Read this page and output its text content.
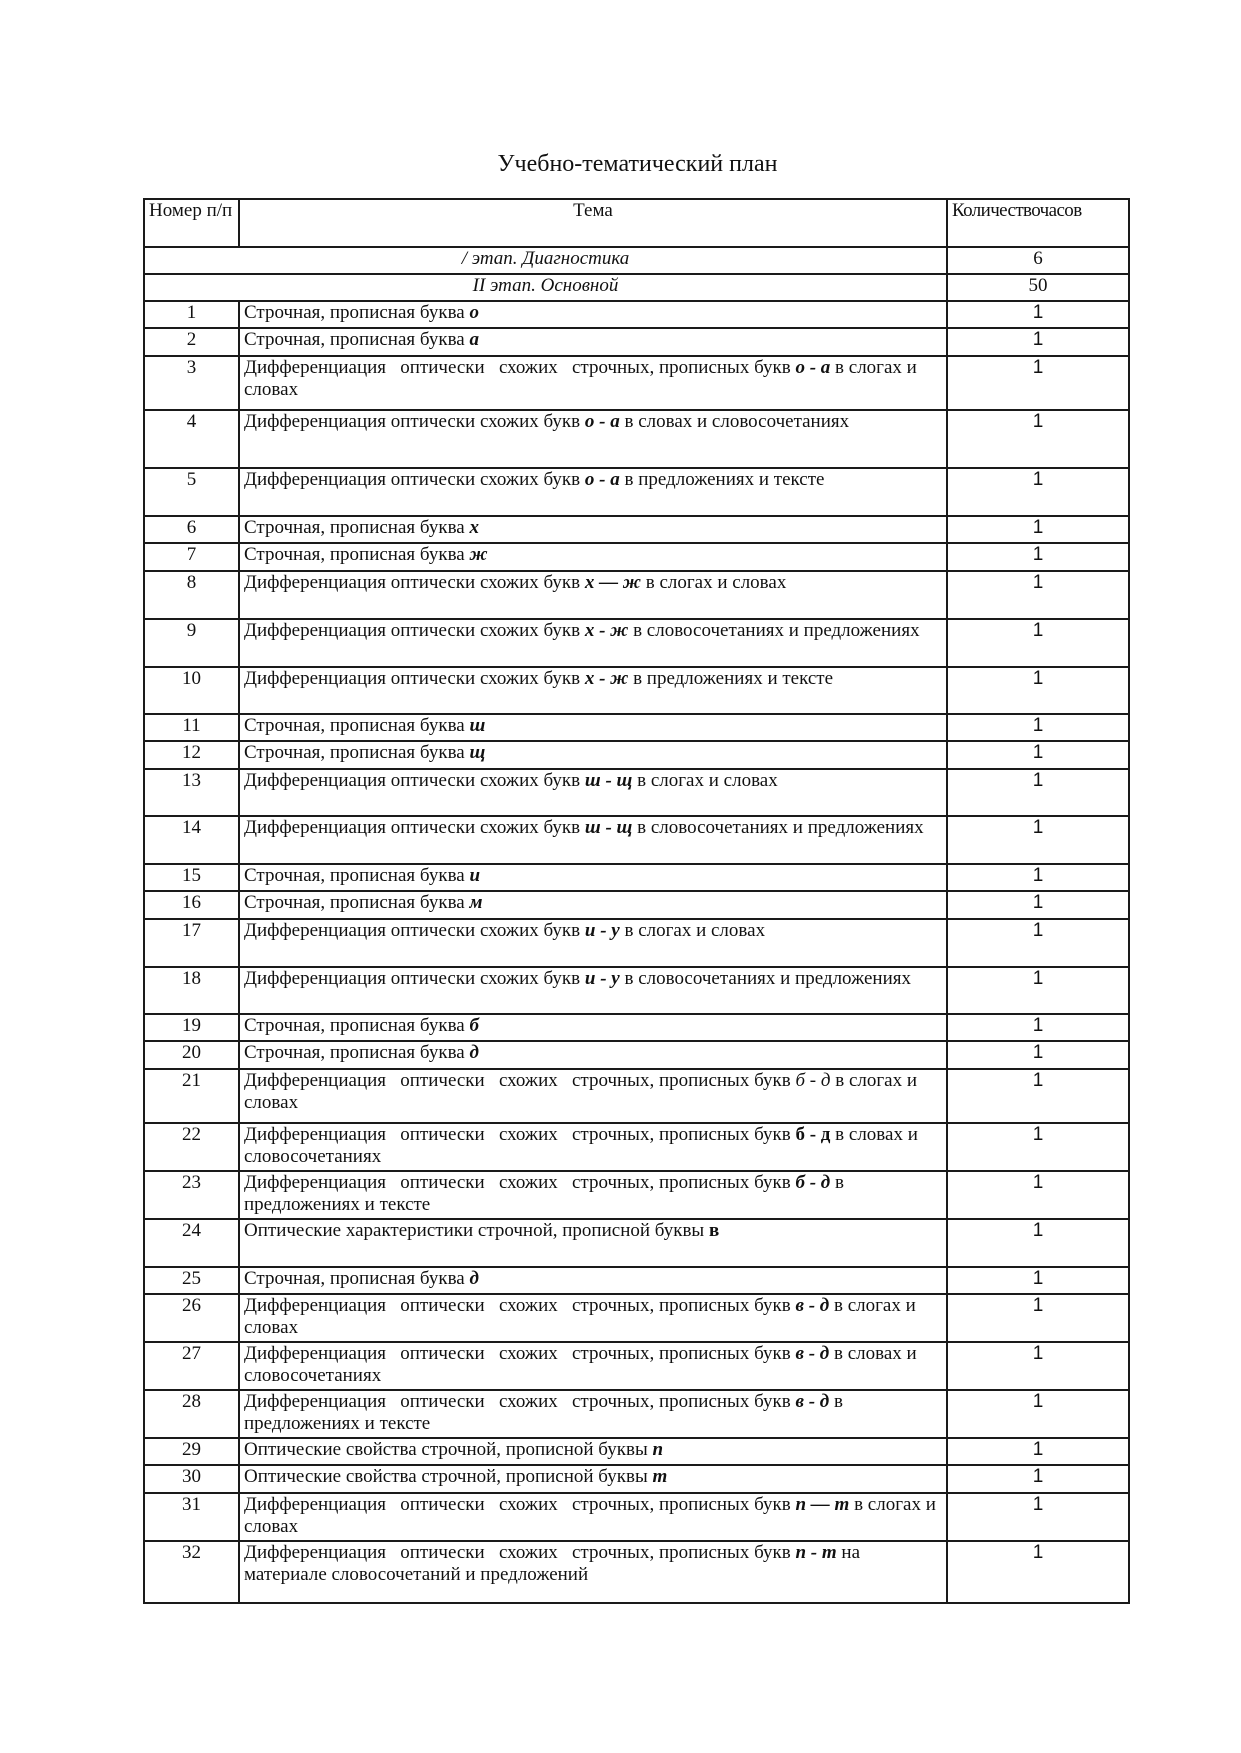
Учебно-тематический план
Номер п/п	Тема	Количествочасов
/ этап. Диагностика		6
II этап. Основной		50
1	Строчная, прописная буква о	1
2	Строчная, прописная буква а	1
3	Дифференциация   оптически   схожих   строчных, прописных букв о - а в слогах и словах	1
4	Дифференциация оптически схожих букв о - а в словах и словосочетаниях	1
5	Дифференциация оптически схожих букв о - а в предложениях и тексте	1
6	Строчная, прописная буква х	1
7	Строчная, прописная буква ж	1
8	Дифференциация оптически схожих букв х — ж в слогах и словах	1
9	Дифференциация оптически схожих букв х - ж в словосочетаниях и предложениях	1
10	Дифференциация оптически схожих букв х - ж в предложениях и тексте	1
11	Строчная, прописная буква ш	1
12	Строчная, прописная буква щ	1
13	Дифференциация оптически схожих букв ш - щ в слогах и словах	1
14	Дифференциация оптически схожих букв ш - щ в словосочетаниях и предложениях	1
15	Строчная, прописная буква и	1
16	Строчная, прописная буква м	1
17	Дифференциация оптически схожих букв и - у в слогах и словах	1
18	Дифференциация оптически схожих букв и - у в словосочетаниях и предложениях	1
19	Строчная, прописная буква б	1
20	Строчная, прописная буква д	1
21	Дифференциация   оптически   схожих   строчных, прописных букв б - д в слогах и словах	1
22	Дифференциация   оптически   схожих   строчных, прописных букв б - д в словах и словосочетаниях	1
23	Дифференциация   оптически   схожих   строчных, прописных букв б - д в предложениях и тексте	1
24	Оптические характеристики строчной, прописной буквы в	1
25	Строчная, прописная буква д	1
26	Дифференциация   оптически   схожих   строчных, прописных букв в - д в слогах и словах	1
27	Дифференциация   оптически   схожих   строчных, прописных букв в - д в словах и словосочетаниях	1
28	Дифференциация   оптически   схожих   строчных, прописных букв в - д в предложениях и тексте	1
29	Оптические свойства строчной, прописной буквы п	1
30	Оптические свойства строчной, прописной буквы т	1
31	Дифференциация   оптически   схожих   строчных, прописных букв п — т в слогах и словах	1
32	Дифференциация   оптически   схожих   строчных, прописных букв п - т на материале словосочетаний и предложений	1
